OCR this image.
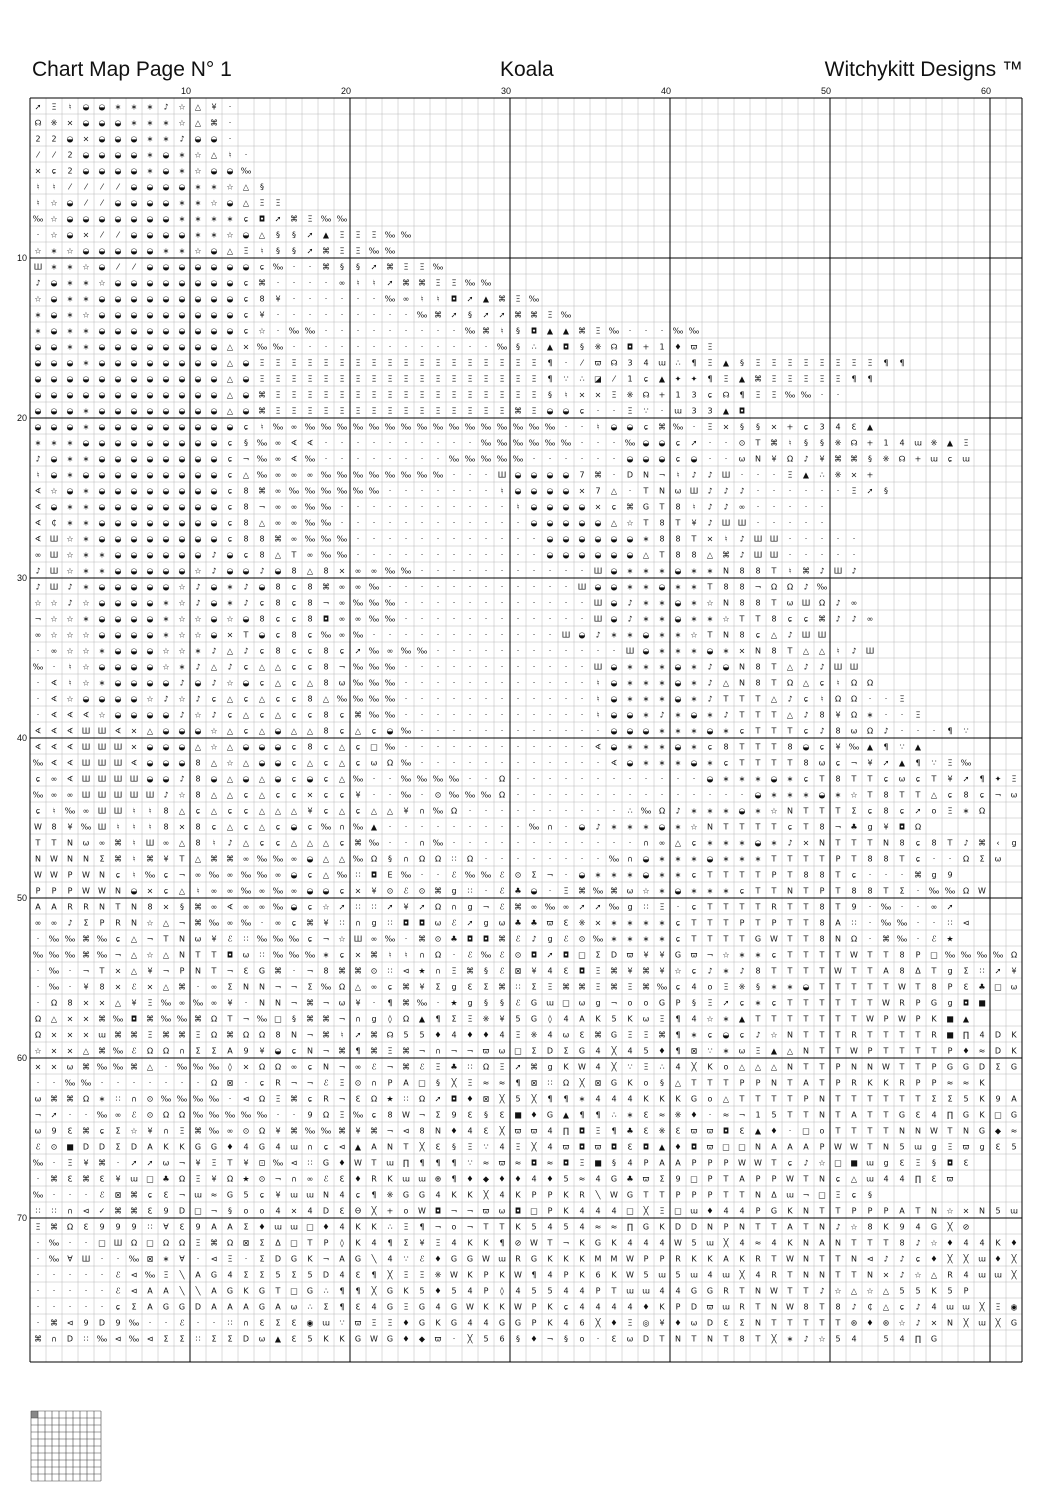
Chart Map Page N° 1	Koala	Witchykitt Designs ™
➚Ξ♮◒◒∗∗∗♪☆△¥·
☊※×◒◒◒∗∗∗☆△⌘·
22◒×◒◒◒∗∗♪◒◒·
⁄⁄2◒◒◒◒∗◒∗☆△♮·
×ɕ2◒◒◒◒∗◒∗☆◒◒‰
♮♮⁄⁄⁄⁄◒◒◒◒∗∗☆△§
♮☆◒⁄⁄◒◒◒◒∗∗☆◒△ΞΞ
‰☆◒◒◒◒◒◒◒∗∗∗∗ɕ◘➚⌘Ξ‰‰
·☆◒×⁄⁄◒◒◒◒∗∗☆◒△§§➚▲ΞΞΞ‰‰
☆∗☆◒◒◒◒◒∗∗☆◒△Ξ♮§§➚⌘ΞΞ‰‰
Ш∗∗☆◒⁄⁄◒◒◒◒◒◒◒ɕ‰··⌘§§➚⌘ΞΞ‰
♪◒∗∗☆◒◒◒◒◒◒◒◒ɕ⌘····∞♮♮➚⌘⌘ΞΞ‰‰
☆◒∗∗◒◒◒◒◒◒◒◒◒ɕ8¥······‰∞♮♮◘➚▲⌘Ξ‰
∗◒∗☆◒◒◒◒◒◒◒◒◒ɕ¥·········‰⌘➚§➚➚⌘⌘Ξ‰
∗◒∗∗◒◒◒◒◒◒◒◒◒ɕ☆·‰‰·········‰⌘♮§◘▲▲⌘Ξ‰···‰‰
◒◒∗∗◒◒◒◒◒◒◒◒△×‰‰·············‰§∴▲◘§※☊◘+1♦ϖΞ
◒◒◒∗◒◒◒◒◒◒◒◒△◒ΞΞΞΞΞΞΞΞΞΞΞΞΞΞΞΞΞΞ¶·⁄ϖ☊34ɯ∴¶Ξ▲§ΞΞΞΞΞΞΞΞ¶¶
◒◒◒◒◒◒◒◒◒◒◒◒△◒ΞΞΞΞΞΞΞΞΞΞΞΞΞΞΞΞΞΞ¶∵∴◪⁄1ɕ▲✦✦¶Ξ▲⌘ΞΞΞΞΞ¶¶
◒◒◒◒◒◒◒◒◒◒◒◒△◒⌘ΞΞΞΞΞΞΞΞΞΞΞΞΞΞΞΞΞ§♮××Ξ※☊+13ɕ☊¶ΞΞ‰‰··
◒◒◒∗◒◒◒◒◒◒◒◒△◒⌘ΞΞΞΞΞΞΞΞΞΞΞΞΞΞΞ⌘Ξ◒◒ɕ··Ξ∵·ɯ33▲◘
◒◒◒∗◒◒◒◒◒◒◒◒◒ɕ♮‰∞‰‰‰‰‰‰‰‰‰‰‰‰‰‰‰‰··♮◒◒ɕ⌘‰·Ξ×§§×+ɕ34ℇ▲
∗∗∗◒◒◒◒◒◒◒◒◒ɕ§‰∞∢∢··········‰‰‰‰‰‰···‰◒◒ɕ➚··⊙T⌘♮§§※☊+14ɯ※▲Ξ
♪◒∗∗◒◒◒◒◒◒◒◒ɕ¬‰∞∢‰········‰‰‰‰‰······◒◒◒ɕ◒··ωN¥Ω♪¥⌘⌘§※☊+ɯɕɯ
♮◒∗◒◒◒◒◒◒◒◒◒ɕ△‰∞∞∞‰‰‰‰‰‰‰‰···Ш◒◒◒◒7⌘·DN¬♮♪♪Ш···Ξ▲∴※×+
∢☆◒∗◒◒◒◒◒◒◒◒ɕ8⌘∞‰‰‰‰‰‰·······♮◒◒◒◒×7△·TNωШ♪♪♪······Ξ➚§
∢◒∗∗◒◒◒◒◒◒◒◒ɕ8¬∞∞‰‰···········♮◒◒◒◒×ɕ⌘GT8♮♪♪∞·····
∢₵∗∗◒◒◒◒◒◒◒◒ɕ8△∞∞‰‰············◒◒◒◒◒△☆T8T¥♪ШШ·····
∢Ш☆∗◒◒◒◒◒◒◒◒ɕ88⌘∞‰‰‰············◒◒◒◒◒◒∗88T×♮♪ШШ·····
∞Ш☆∗∗◒◒◒◒◒◒♪◒ɕ8△T∞‰‰············◒◒◒◒◒◒△T88△⌘♪ШШ·····
♪Ш☆∗∗◒◒◒◒◒☆♪◒◒♪◒8△8×∞∞‰‰···········Ш◒∗∗∗◒∗∗N88T♮⌘♪Ш♪
♪Ш♪∗◒◒◒◒◒☆♪◒∗♪◒8ɕ8⌘∞∞‰············Ш◒◒∗∗◒∗∗T88¬ΩΩ♪‰
☆☆♪☆◒◒◒◒∗☆♪◒∗♪ɕ8ɕ8¬∞‰‰‰············Ш◒♪∗∗◒∗☆N88TωШΩ♪∞
¬☆☆∗◒◒◒◒∗☆☆◒☆◒8ɕɕ8◘∞∞‰‰············Ш◒♪∗∗◒∗∗☆TT8ɕɕ⌘♪♪∞
∞☆☆☆◒◒◒◒∗☆☆◒×T◒ɕ8ɕ‰∞‰············Ш◒♪∗∗◒∗∗☆TN8ɕ△♪ШШ
·∞☆☆∗◒◒◒☆☆∗♪△♪ɕ8ɕɕ8ɕ➚‰∞‰‰············Ш◒∗∗∗◒∗×N8T△△♮♪Ш
‰·♮☆◒◒◒◒☆∗♪△♪ɕ△△ɕɕ8¬‰‰‰············Ш◒∗∗∗◒∗♪◒N8T△♪♪ШШ
·∢♮☆∗◒◒◒◒♪◒♪☆◒ɕ△ɕ△8ω‰‰‰············♮◒∗∗∗◒∗♪△N8TΩ△ɕ♮ΩΩ
·∢☆◒◒◒◒☆♪☆♪ɕ△ɕ△ɕɕ8△‰‰‰‰············♮◒∗∗∗◒∗♪TTT△♪ɕ♮ΩΩ··Ξ
·∢∢∢☆◒◒◒◒♪☆♪ɕ△ɕ△ɕɕ8ɕ⌘‰‰············♮◒◒∗♪∗◒∗♪TTT△♪8¥Ω∗··Ξ
∢∢∢ШШ∢×△◒◒◒☆△ɕ△◒△△8ɕ△ɕ◒‰············◒◒◒∗∗∗◒∗ɕTTTɕ♪8ωΩ♪···¶∵
∢∢∢ШШШ×◒◒◒△☆△◒◒◒ɕ8ɕ△ɕ□‰············∢◒∗∗∗◒∗ɕ8TTT8◒ɕ¥‰▲¶∵▲
‰∢∢ШШШ∢◒◒◒8△☆△◒◒ɕ△ɕ△ɕωΩ‰············∢◒∗∗∗◒∗ɕTTTT8ωɕ¬¥➚▲¶∵Ξ‰
ɕ∞∢ШШШШ◒◒♪8◒△◒△◒ɕ◒ɕ△‰··‰‰‰‰··Ω············◒∗∗∗◒∗ɕT8TTɕωɕT¥➚¶✦Ξ
‰∞∞ШШШШШ♪☆8△△ɕ△ɕɕ×ɕɕ¥··‰·⊙‰‰‰Ω···············◒∗∗∗◒∗☆T8TT△ɕ8ɕ¬ω
ɕ♮‰∞ШШ♮♮8△ɕ△ɕɕ△△△¥ɕ△ɕ△△¥∩‰Ω··········∴‰Ω♪∗∗∗◒∗☆NTTTΣɕ8ɕ➚oΞ∗Ω
W8¥‰Ш♮♮♮8×8ɕ△ɕ△ɕ◒ɕ‰∩‰▲·········‰∩·◒♪∗∗∗◒∗☆NTTTTɕT8¬♣g¥◘Ω
TTNω∞⌘♮Ш∞△8♮♪△ɕɕ△△△ɕ⌘‰··∩‰············∩∞△ɕ∗∗∗◒∗♪×NTTTN8ɕ8T♪⌘‹g
NWNNΣ⌘♮⌘¥T△⌘⌘∞‰‰∞◒△△‰Ω§∩ΩΩ∷Ω········‰∩◒∗∗∗◒∗∗∗TTTTPT88Tɕ··ΩΣω
WWPWNɕ♮‰ɕ¬∞‰∞‰‰∞◒ɕ△‰∷◘Ε‰··ℰ‰‰ℰ⊙Σ¬·◒∗∗∗◒∗∗ɕTTTTPT88Tɕ···⌘g9
PPPWWN◒×ɕ△♮∞∞‰∞‰∞◒◒ɕ×¥⊙ℰ⊙⌘g∷·ℰ♣◒·Ξ⌘‰⌘ω☆∗◒∗∗∗ɕTTNTPT88TΣ·‰‰ΩW
AARRNTN8×§⌘∞∢∞∞‰◒ɕ☆➚∷∷➚¥➚Ω∩g¬ℰ⌘∞‰∞➚➚‰g∷Ξ·ɕTTTTRTT8T9·‰··∞➚
∞∞♪ΣPRN☆△¬⌘‰∞‰·∞ɕ⌘¥∷∩g∷◘◘ωℰ➚gω♣♣ϖℇ※×∗∗∗∗ɕTTTPTPTT8A∷·‰‰··∷⊲
·‰‰⌘‰ɕ△¬TNω¥ℰ∷‰‰‰ɕ¬☆Ш∞‰·⌘⊙♣◘◘⌘ℰ♪gℰ⊙‰∗∗∗∗ɕTTTTGWTT8NΩ·⌘‰·ℰ★
‰‰‰⌘‰¬△☆△NTT◘ω∷‰‰‰∗ɕ×⌘♮♮∩Ω·ℰ‰ℰ⊙◘➚◘□ΣDϖ¥¥Gϖ¬☆∗∗ɕTTTTWTT8P□‰‰‰‰Ω
·‰·¬T×△¥¬PNT¬ℇG⌘·¬8⌘⌘⊙∷⊲★∩Ξ⌘§ℰ⊠¥4ℇ◘Ξ⌘¥⌘¥☆ɕ♪∗♪8TTTTWTTA8ΔTgΣ∷➚¥
·‰·¥8×ℰ×△⌘·∞ΣNN¬¬Σ‰Ω△∞ɕ⌘¥ΣgℇΣ⌘∷ΣΞ⌘⌘Ξ⌘Ξ⌘‰ɕ4oΞ※§∗∗◒TTTTTWT8Pℇ♣□ω
·Ω8××△¥Ξ‰∞‰∞¥·NN¬⌘¬ω¥·¶⌘‰·★g§§ℰGɯ□ωg¬ooGP§Ξ➚ɕ∗ɕTTTTTTWRPGg◘■
Ω△××⌘‰◘⌘‰‰⌘ΩT¬‰□§⌘⌘¬∩g◊Ω▲¶ΣΞ※¥5G◊4AK5KωΞ¶4☆∗▲TTTTTTTWPWPK■▲
Ω×××ɯ⌘⌘Ξ⌘⌘ΞΩ⌘ΩΩ8N¬⌘♮➚⌘☊55♦4♦♦4Ξ※4ωℇ⌘GΞΞ⌘¶∗ɕ◒ɕ♪☆NTTTRTTTTR■∏4DK
☆××△⌘‰ℰΩΩ∩ΣΣA9¥◒ɕN¬⌘¶⌘Ξ⌘¬∩¬¬ϖω□ΣDΣG4╳45♦¶⊠∵∗ωΞ▲△NTTWPTTTTP♦≈DK
××ω⌘‰‰⌘△·‰‰‰◊×ΩΩ∞ɕN¬∞ℰ¬⌘ℰΞ♣∷ΩΞ➚⌘gKW4╳∵Ξ∴4╳Ko△△△NTTPNNWTTPGGDΣG
··‰‰·······Ω⊠·ɕR¬¬ℰΞ⊙∩PA□§╳Ξ≈≈¶⊠∷Ω╳⊠GKo§△TTTPPNTATPRKKRPP≈≈K
ω⌘⌘Ω∗∷∩⊙‰‰‰‰·⊲ΩΞ⌘ɕR¬ℇΩ★∷Ω➚◘♦⊠╳5╳¶¶∗444KKKGo△TTTTPNTTTTTTΣΣ5K9A
¬➚··‰∞ℰ⊙ΩΩ‰‰‰‰‰··9ΩΞ‰ɕ8W¬Σ9ℇ§ℇ■♦G▲¶¶∴∗ℇ≈※♦·≈¬15TTNTATTGℇ4∏GK□G
ω9ℇ⌘ɕΣ☆¥∩Ξ⌘‰∞⊙Ω¥⌘‰‰⌘¥⌘¬⊲8N♦4ℇ╳ϖϖ4∏◘Ξ¶♣ℇ※ℇϖϖ◘ℇ▲♦·□oTTTTNNWTNG◆≈
ℰ⊙■DDΣDAKKGG♦4G4ɯ∩ɕ⊲▲ANT╳ℇ§Ξ∵4Ξ╳4ϖ◘ϖ◘ℇ◘▲♦◘ϖ□□NAAAPWWTN5ɯgΞϖgℇ5
‰·Ξ¥⌘·➚➚ω¬¥ΞT¥⊡‰⊲∷G♦WTɯ∏¶¶¶∵≈ϖ≈◘≈◘Ξ■§4PAAPPPWWTɕ♪☆□■ɯgℇΞ§◘ℇ
·⌘ℇ⌘ℇ¥ɯ□♣ΩΞ¥Ω★⊙¬∩∞ℰℇ♦RKɯɯ⊕¶♦◆♦♦4♦5≈4G♣ϖΣ9□PTAPPWTNɕ△ɯ44∏ℇϖ
‰···ℰ⊠⌘ɕℇ¬ɯ≈G5ɕ¥ɯɯN4ɕ¶※GG4KK╳4KPPKR╲WGTTPPPTTNΔɯ¬□Ξɕ§
∷∷∩⊲✓⌘⌘ℇ9D□¬§oo4×4DℇΘ╳+oW◘¬¬ϖω◘□PK444□╳Ξ□ɯ♦44PGKNTTPPPATN☆×N5ɯ
Ξ⌘Ωℇ999∷∀ℇ9AAΣ♦ɯɯ□♦4KK∴Ξ¶¬o¬TTK5454≈≈∏GKDDNPNTTATN♪☆8K94G╳⊘
·‰··□ШΩ□ΩΩΞ⌘Ω⊠ΣΔ□TP◊K4¶Σ¥Ξ4KK¶⊘WT¬KGK444W5ɯ╳4≈4KNANTTT8♪☆♦44K♦
·‰∀Ш··‰⊠∗∀·⊲Ξ·ΣDGK¬AG╲4∵ℰ♦GGWɯRGKKKMMWPPRKKAKRTWNTTN⊲♪♪ɕ♦╳╳ɯ♦╳
·····ℰ⊲‰Ξ╲AG4ΣΣ5Σ5D4ℇ¶╳ΞΞ※WKPKW¶4PK6KW5ɯ5ɯ4ɯ╳4RTNNTTN×♪☆△R4ɯɯ╳
·····ℰ⊲AA╲╲AGKGT□G∴¶¶╳GK5♦54P◊45544PTɯɯ44GGRTNWTT♪☆△☆△55K5P
·····ɕΣAGGDAAAGAω∴Σ¶ℇ4GΞG4GWKKWPKɕ4444♦KPDϖɯRTNW8T8♪₵△ɕ♪4ɯɯ╳Ξ◉
·⌘⊲9D9‰··ℰ··∷∩ℇΣℇ◉ɯ∵ϖΞΞ♦GKG44GGPK46╳♦Ξ◎¥♦ωDℇΣNTTTTT⊛♦⊛☆♪×N╳ɯ╳G
⌘∩D∷‰⊲‰⊲ΣΣ∷ΣΣDω▲ℇ5KKGWG♦◆ϖ·╳56§♦¬§o·ℇωDTNTNT8T╳∗♪☆54 54∏G
10	20	30	40	50	60
10
20
30
40
50
60
70
